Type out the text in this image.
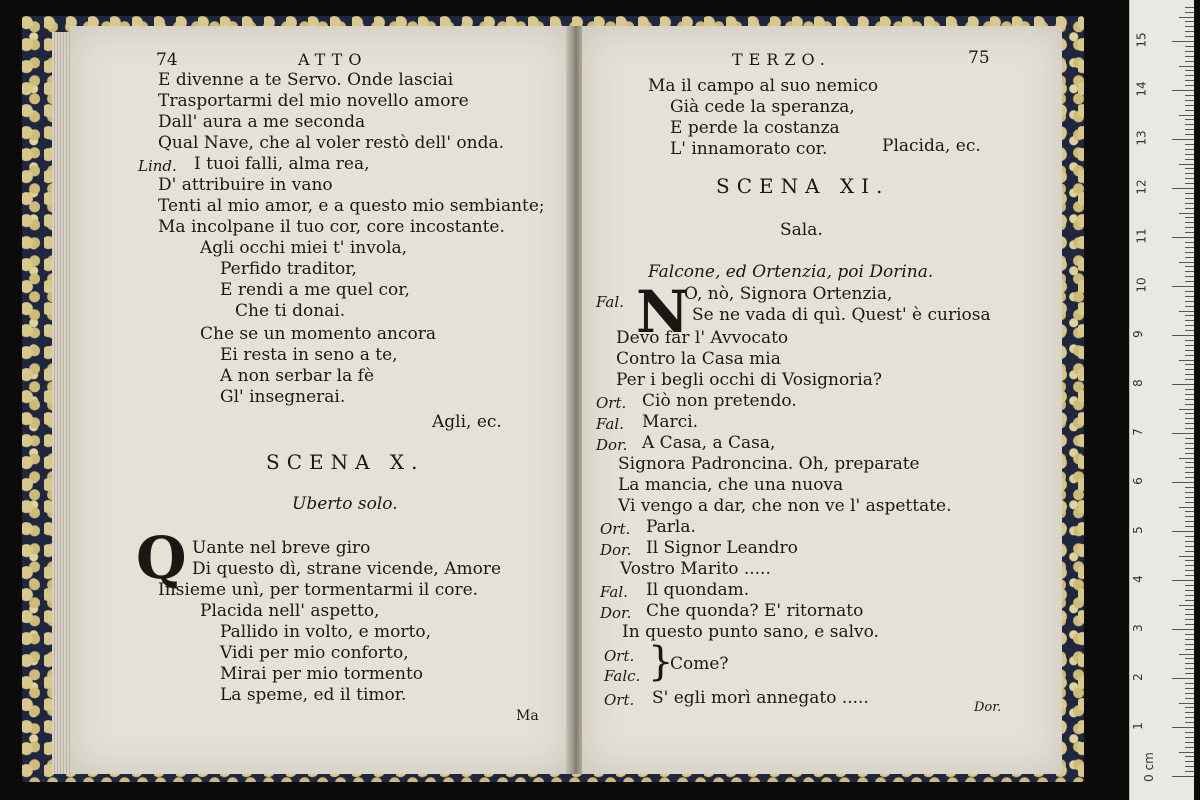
74	ATTO
E divenne a te Servo. Onde lasciai
Trasportarmi del mio novello amore
Dall' aura a me seconda
Qual Nave, che al voler restò dell' onda.
Lind. I tuoi falli, alma rea,
D' attribuire in vano
Tenti al mio amor, e a questo mio sembiante;
Ma incolpane il tuo cor, core incostante.
Agli occhi miei t' invola,
Perfido traditor,
E rendi a me quel cor,
Che ti donai.
Che se un momento ancora
Ei resta in seno a te,
A non serbar la fè
Gl' insegnerai.
Agli, ec.
SCENA X.
Uberto solo.
Q Uante nel breve giro
Di questo dì, strane vicende, Amore
Insieme unì, per tormentarmi il core.
Placida nell' aspetto,
Pallido in volto, e morto,
Vidi per mio conforto,
Mirai per mio tormento
La speme, ed il timor.
Ma
TERZO.	75
Ma il campo al suo nemico
Già cede la speranza,
E perde la costanza
L' innamorato cor.	Placida, ec.
SCENA XI.
Sala.
Falcone, ed Ortenzia, poi Dorina.
Fal. N
O, nò, Signora Ortenzia,
Se ne vada di quì. Quest' è curiosa
Devo far l' Avvocato
Contro la Casa mia
Per i begli occhi di Vosignoria?
Ort. Ciò non pretendo.
Fal. Marci.
Dor. A Casa, a Casa,
Signora Padroncina. Oh, preparate
La mancia, che una nuova
Vi vengo a dar, che non ve l' aspettate.
Ort. Parla.
Dor. Il Signor Leandro
Vostro Marito .....
Fal. Il quondam.
Dor. Che quonda? E' ritornato
In questo punto sano, e salvo.
Ort.
Falc. }
Come?
Ort. S' egli morì annegato .....	Dor.
0 cm
1
2
3
4
5
6
7
8
9
10
11
12
13
14
15
